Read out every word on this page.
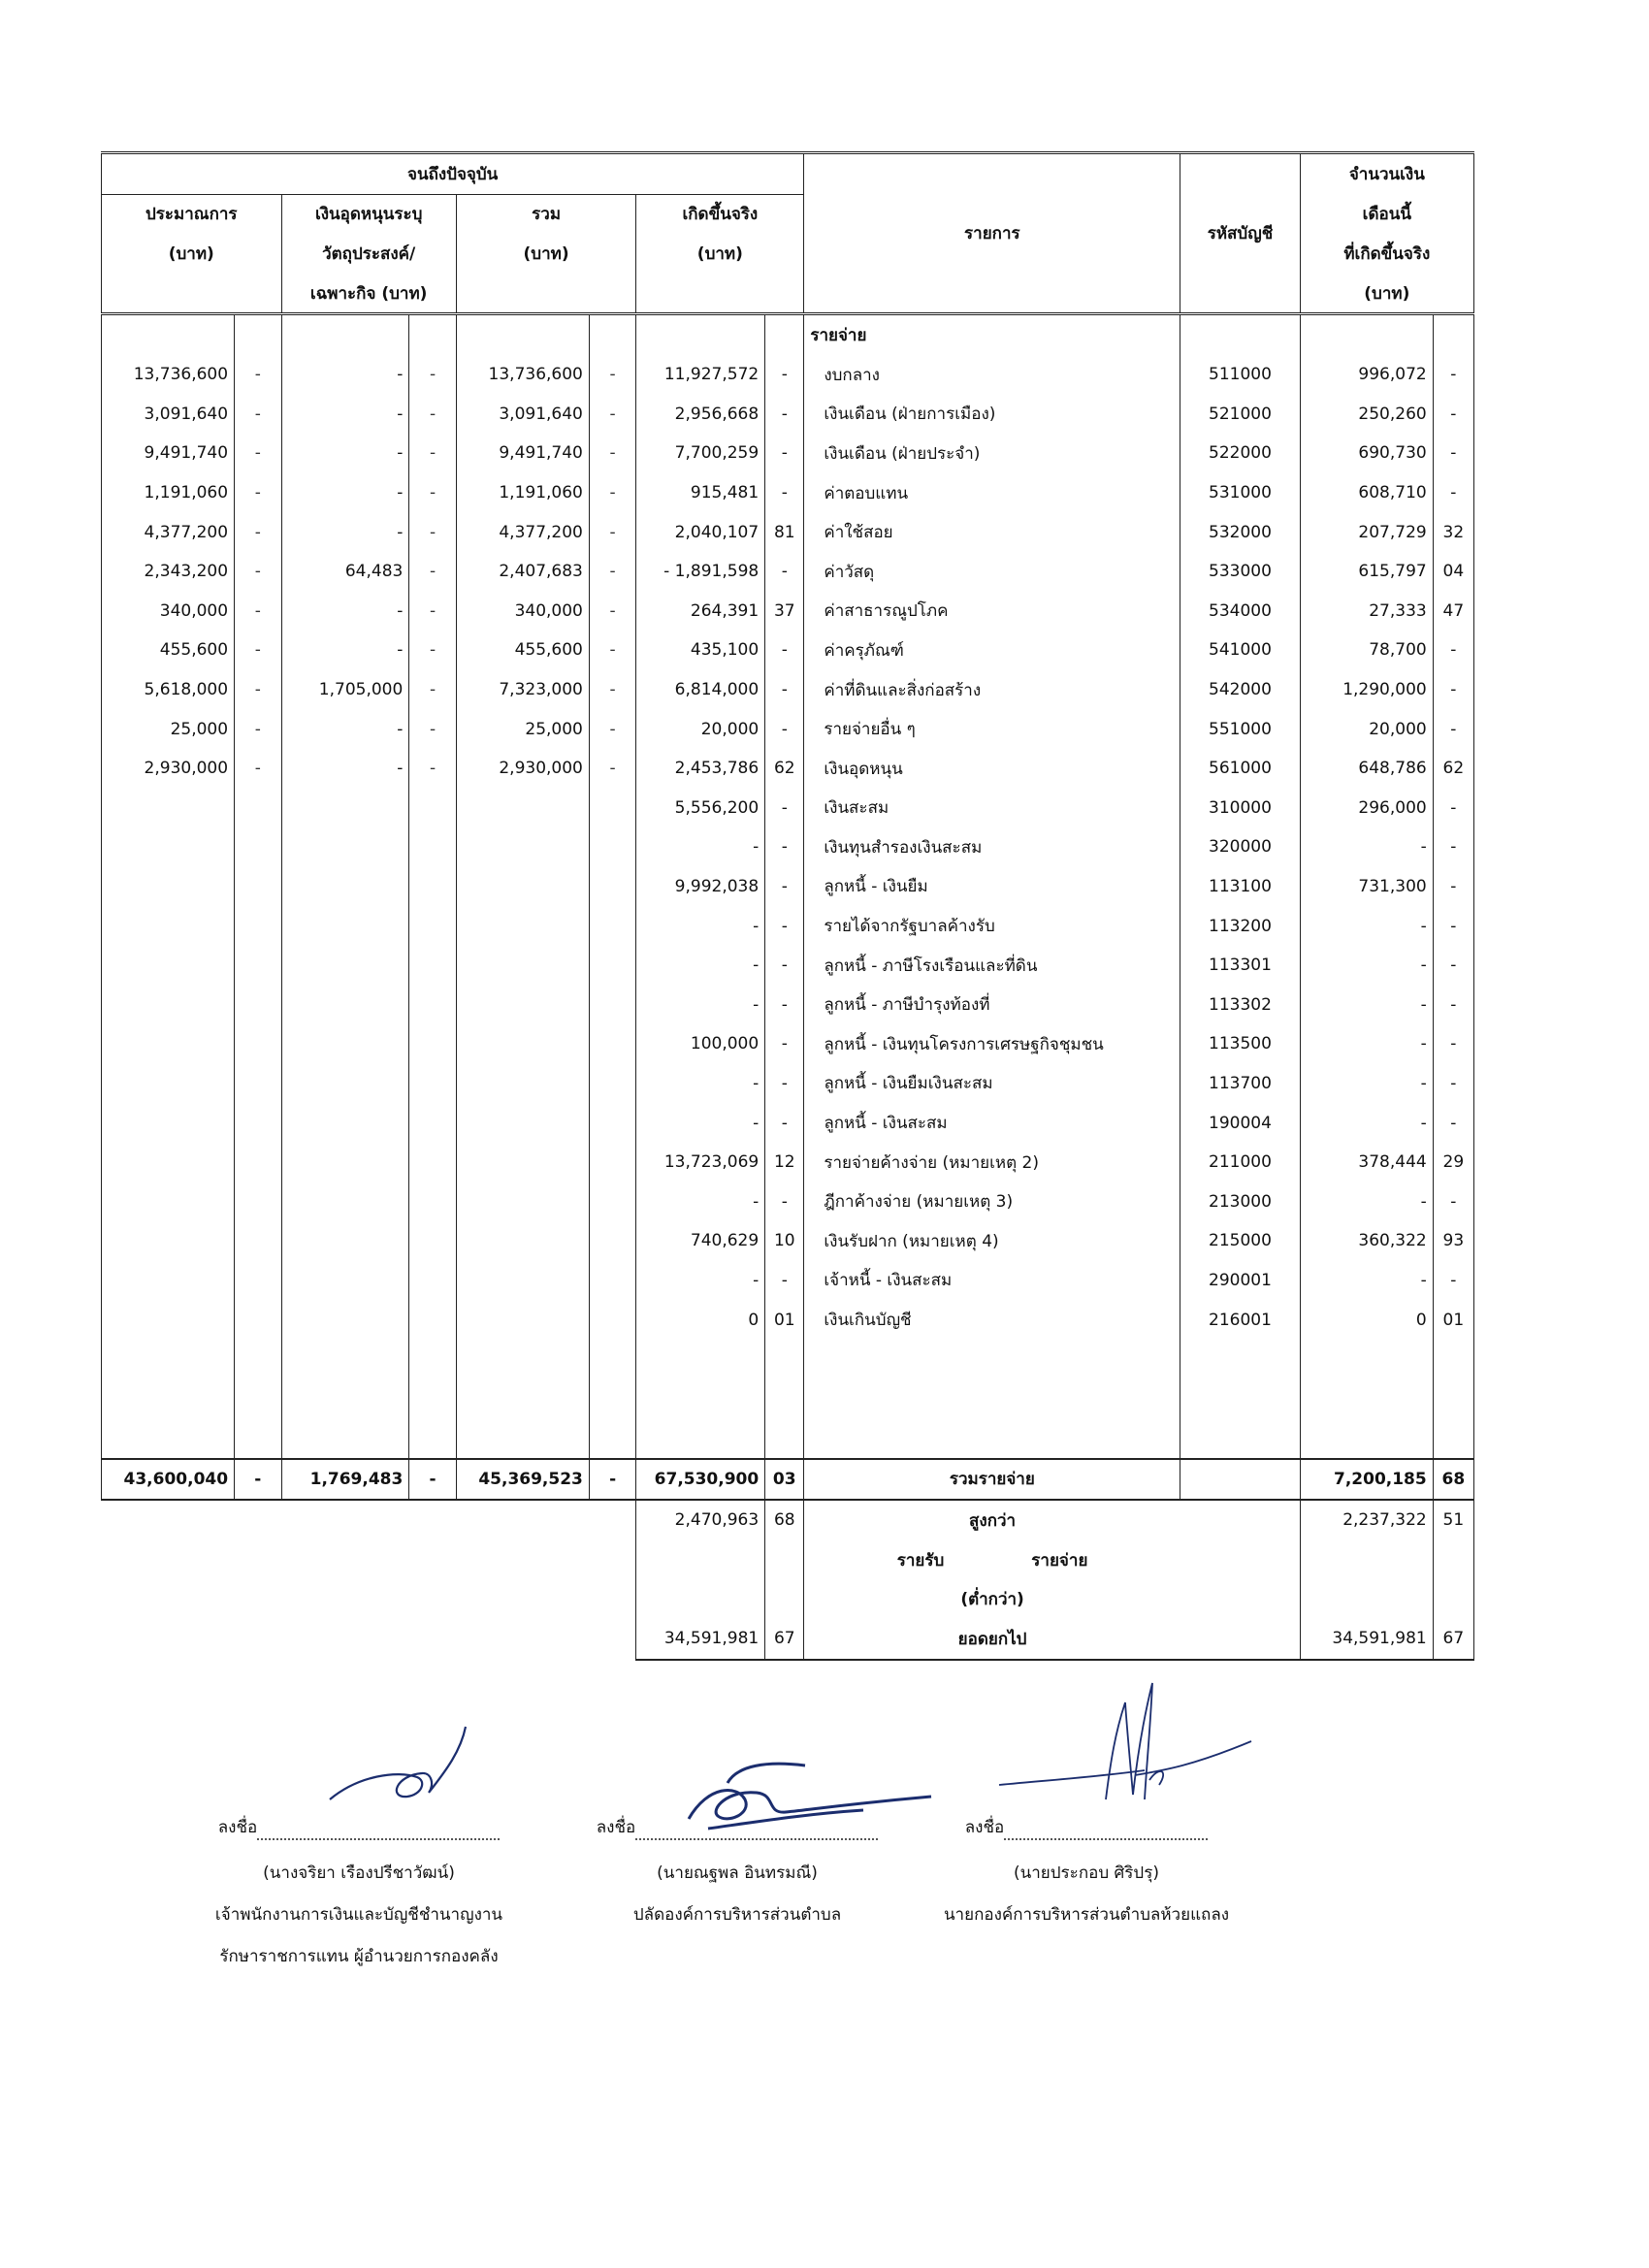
จนถึงปัจจุบัน								รายการ	รหัสบัญชี	จำนวนเงิน	
ประมาณการ		เงินอุดหนุนระบุ		รวม		เกิดขึ้นจริง				เดือนนี้	
(บาท)		วัตถุประสงค์/		(บาท)		(บาท)				ที่เกิดขึ้นจริง	
		เฉพาะกิจ (บาท)								(บาท)	
								รายจ่าย			
13,736,600	-	-	-	13,736,600	-	11,927,572	-	งบกลาง	511000	996,072	-
3,091,640	-	-	-	3,091,640	-	2,956,668	-	เงินเดือน (ฝ่ายการเมือง)	521000	250,260	-
9,491,740	-	-	-	9,491,740	-	7,700,259	-	เงินเดือน (ฝ่ายประจำ)	522000	690,730	-
1,191,060	-	-	-	1,191,060	-	915,481	-	ค่าตอบแทน	531000	608,710	-
4,377,200	-	-	-	4,377,200	-	2,040,107	81	ค่าใช้สอย	532000	207,729	32
2,343,200	-	64,483	-	2,407,683	-	- 1,891,598	-	ค่าวัสดุ	533000	615,797	04
340,000	-	-	-	340,000	-	264,391	37	ค่าสาธารณูปโภค	534000	27,333	47
455,600	-	-	-	455,600	-	435,100	-	ค่าครุภัณฑ์	541000	78,700	-
5,618,000	-	1,705,000	-	7,323,000	-	6,814,000	-	ค่าที่ดินและสิ่งก่อสร้าง	542000	1,290,000	-
25,000	-	-	-	25,000	-	20,000	-	รายจ่ายอื่น ๆ	551000	20,000	-
2,930,000	-	-	-	2,930,000	-	2,453,786	62	เงินอุดหนุน	561000	648,786	62
						5,556,200	-	เงินสะสม	310000	296,000	-
						-	-	เงินทุนสำรองเงินสะสม	320000	-	-
						9,992,038	-	ลูกหนี้ - เงินยืม	113100	731,300	-
						-	-	รายได้จากรัฐบาลค้างรับ	113200	-	-
						-	-	ลูกหนี้ - ภาษีโรงเรือนและที่ดิน	113301	-	-
						-	-	ลูกหนี้ - ภาษีบำรุงท้องที่	113302	-	-
						100,000	-	ลูกหนี้ - เงินทุนโครงการเศรษฐกิจชุมชน	113500	-	-
						-	-	ลูกหนี้ - เงินยืมเงินสะสม	113700	-	-
						-	-	ลูกหนี้ - เงินสะสม	190004	-	-
						13,723,069	12	รายจ่ายค้างจ่าย (หมายเหตุ 2)	211000	378,444	29
						-	-	ฎีกาค้างจ่าย (หมายเหตุ 3)	213000	-	-
						740,629	10	เงินรับฝาก (หมายเหตุ 4)	215000	360,322	93
						-	-	เจ้าหนี้ - เงินสะสม	290001	-	-
						0	01	เงินเกินบัญชี	216001	0	01

43,600,040	-	1,769,483	-	45,369,523	-	67,530,900	03	รวมรายจ่าย		7,200,185	68
						2,470,963	68	สูงกว่า		2,237,322	51
								รายรับ รายจ่าย			
								(ต่ำกว่า)			
						34,591,981	67	ยอดยกไป		34,591,981	67
ลงชื่อ
(นางจริยา เรืองปรีชาวัฒน์)
เจ้าพนักงานการเงินและบัญชีชำนาญงาน
รักษาราชการแทน ผู้อำนวยการกองคลัง
ลงชื่อ
(นายณฐพล อินทรมณี)
ปลัดองค์การบริหารส่วนตำบล
ลงชื่อ
(นายประกอบ ศิริปรุ)
นายกองค์การบริหารส่วนตำบลห้วยแถลง
